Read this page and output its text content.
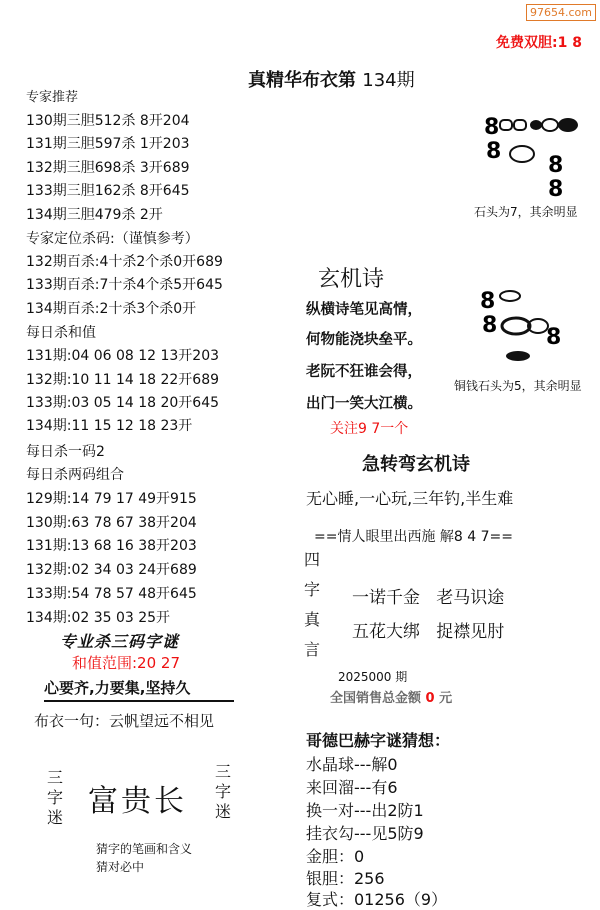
97654.com
免费双胆:1 8
真精华布衣第 134期
专家推荐
130期三胆512杀 8开204
131期三胆597杀 1开203
132期三胆698杀 3开689
133期三胆162杀 8开645
134期三胆479杀 2开
专家定位杀码:（谨慎参考）
132期百杀:4十杀2个杀0开689
133期百杀:7十杀4个杀5开645
134期百杀:2十杀3个杀0开
每日杀和值
131期:04 06 08 12 13开203
132期:10 11 14 18 22开689
133期:03 05 14 18 20开645
134期:11 15 12 18 23开
每日杀一码2
每日杀两码组合
129期:14 79 17 49开915
130期:63 78 67 38开204
131期:13 68 16 38开203
132期:02 34 03 24开689
133期:54 78 57 48开645
134期:02 35 03 25开
专业杀三码字谜
和值范围:20 27
心要齐,力要集,坚持久
布衣一句：云帆望远不相见
三
字
迷 富贵长
三
字
迷
猜字的笔画和含义
猜对必中
8
8
8
8
石头为7，其余明显
玄机诗
纵横诗笔见高情，
何物能浇块垒平。
老阮不狂谁会得，
出门一笑大江横。
8
8 8
铜钱石头为5，其余明显
关注9 7一个
急转弯玄机诗
无心睡,一心玩,三年钓,半生难
==情人眼里出西施 解8 4 7==
四
字
真
言
一诺千金 老马识途
五花大绑 捉襟见肘
2025000 期
全国销售总金额 0 元
哥德巴赫字谜猜想：
水晶球---解0
来回溜---有6
换一对---出2防1
挂衣勾---见5防9
金胆：0
银胆：256
复式：01256（9）
